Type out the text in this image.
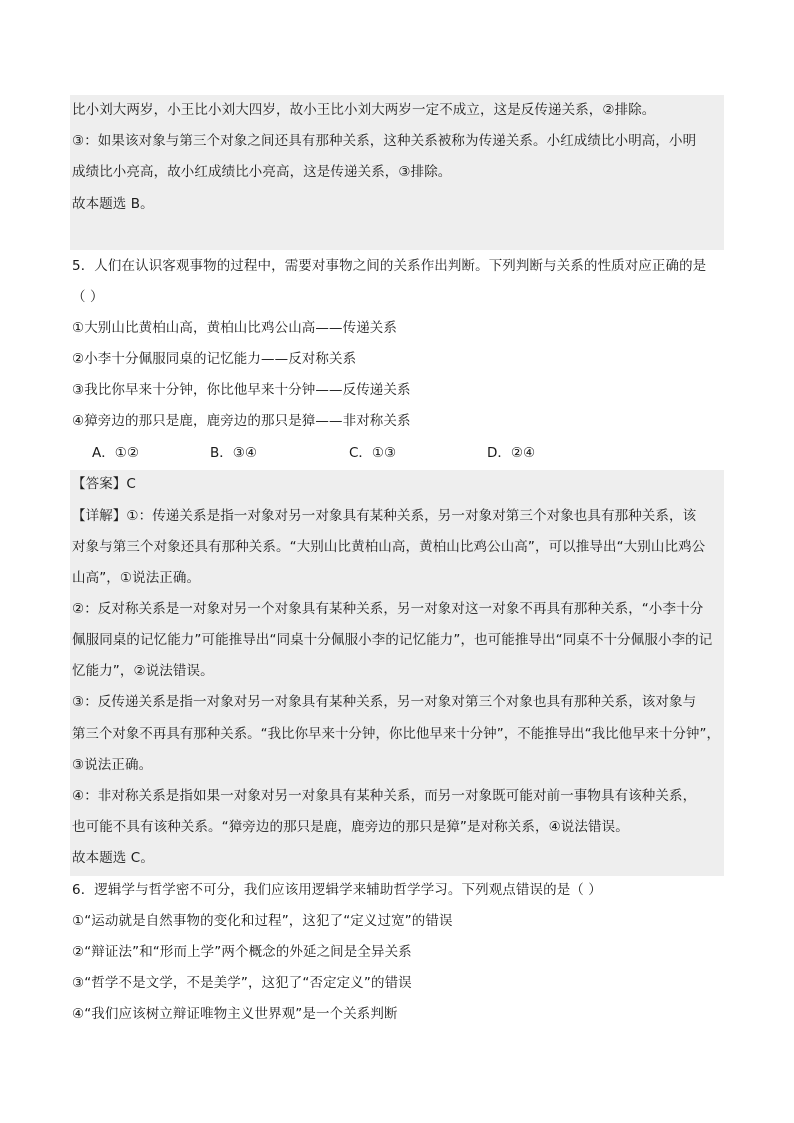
比小刘大两岁，小王比小刘大四岁，故小王比小刘大两岁一定不成立，这是反传递关系，②排除。
③：如果该对象与第三个对象之间还具有那种关系，这种关系被称为传递关系。小红成绩比小明高，小明
成绩比小亮高，故小红成绩比小亮高，这是传递关系，③排除。
故本题选 B。
5．人们在认识客观事物的过程中，需要对事物之间的关系作出判断。下列判断与关系的性质对应正确的是
（ ）
①大别山比黄柏山高，黄柏山比鸡公山高——传递关系
②小李十分佩服同桌的记忆能力——反对称关系
③我比你早来十分钟，你比他早来十分钟——反传递关系
④獐旁边的那只是鹿，鹿旁边的那只是獐——非对称关系
A．①②	B．③④	C．①③	D．②④
【答案】C
【详解】①：传递关系是指一对象对另一对象具有某种关系，另一对象对第三个对象也具有那种关系，该
对象与第三个对象还具有那种关系。“大别山比黄柏山高，黄柏山比鸡公山高”，可以推导出“大别山比鸡公
山高”，①说法正确。
②：反对称关系是一对象对另一个对象具有某种关系，另一对象对这一对象不再具有那种关系，“小李十分
佩服同桌的记忆能力”可能推导出“同桌十分佩服小李的记忆能力”，也可能推导出“同桌不十分佩服小李的记
忆能力”，②说法错误。
③：反传递关系是指一对象对另一对象具有某种关系，另一对象对第三个对象也具有那种关系，该对象与
第三个对象不再具有那种关系。“我比你早来十分钟，你比他早来十分钟”，不能推导出“我比他早来十分钟”，
③说法正确。
④：非对称关系是指如果一对象对另一对象具有某种关系，而另一对象既可能对前一事物具有该种关系，
也可能不具有该种关系。“獐旁边的那只是鹿，鹿旁边的那只是獐”是对称关系，④说法错误。
故本题选 C。
6．逻辑学与哲学密不可分，我们应该用逻辑学来辅助哲学学习。下列观点错误的是（ ）
①“运动就是自然事物的变化和过程”，这犯了“定义过宽”的错误
②“辩证法”和“形而上学”两个概念的外延之间是全异关系
③“哲学不是文学，不是美学”，这犯了“否定定义”的错误
④“我们应该树立辩证唯物主义世界观”是一个关系判断
